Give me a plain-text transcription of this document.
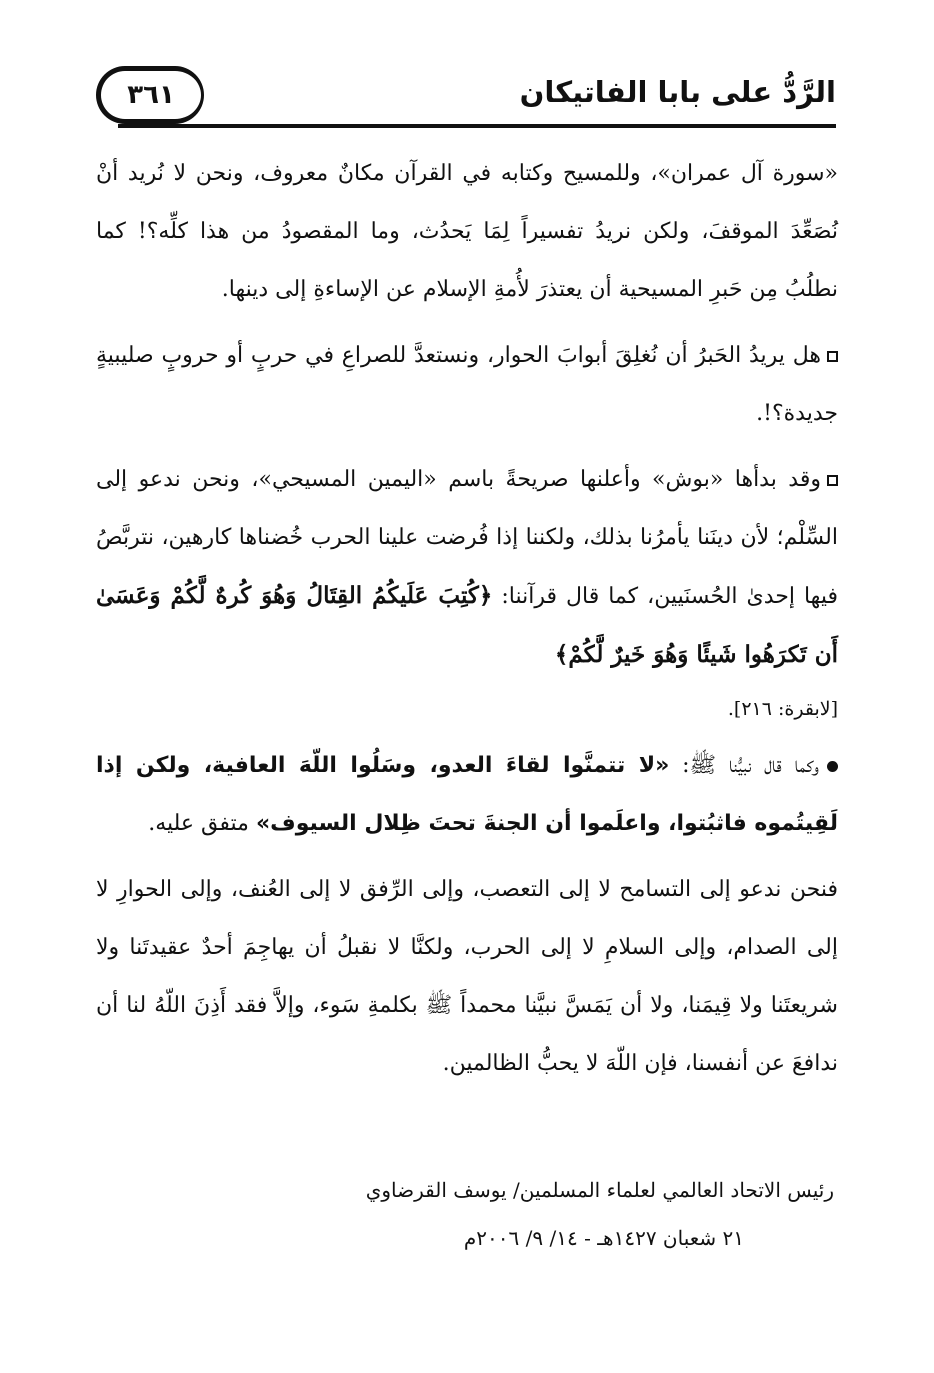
الرَّدُّ على بابا الفاتيكان
٣٦١

«سورة آل عمران»، وللمسيح وكتابه في القرآن مكانٌ معروف، ونحن لا نُريد أنْ نُصَعِّدَ الموقفَ، ولكن نريدُ تفسيراً لِمَا يَحدُث، وما المقصودُ من هذا كلِّه؟! كما نطلُبُ مِن حَبرِ المسيحية أن يعتذرَ لأُمةِ الإسلام عن الإساءةِ إلى دينها.

هل يريدُ الحَبرُ أن نُغلِقَ أبوابَ الحوار، ونستعدَّ للصراعِ في حربٍ أو حروبٍ صليبيةٍ جديدة؟!.

وقد بدأها «بوش» وأعلنها صريحةً باسم «اليمين المسيحي»، ونحن ندعو إلى السِّلْم؛ لأن دينَنا يأمرُنا بذلك، ولكننا إذا فُرضت علينا الحرب خُضناها كارهين، نتربَّصُ فيها إحدىٰ الحُسنَيين، كما قال قرآننا: ﴿كُتِبَ عَلَيكُمُ القِتَالُ وَهُوَ كُرهٌ لَّكُمْ وَعَسَىٰ أَن تَكرَهُوا شَيئًا وَهُوَ خَيرٌ لَّكُمْ﴾

[لابقرة: ٢١٦].

وكما قال نبيُّنا ﷺ: «لا تتمنَّوا لقاءَ العدو، وسَلُوا اللّهَ العافية، ولكن إذا لَقِيتُموه فاثبُتوا، واعلَموا أن الجنةَ تحتَ ظِلال السيوف» متفق عليه.

فنحن ندعو إلى التسامح لا إلى التعصب، وإلى الرِّفق لا إلى العُنف، وإلى الحوارِ لا إلى الصدام، وإلى السلامِ لا إلى الحرب، ولكنَّا لا نقبلُ أن يهاجِمَ أحدٌ عقيدتَنا ولا شريعتَنا ولا قِيمَنا، ولا أن يَمَسَّ نبيَّنا محمداً ﷺ بكلمةِ سَوء، وإلاَّ فقد أَذِنَ اللّهُ لنا أن ندافعَ عن أنفسنا، فإن اللّهَ لا يحبُّ الظالمين.

رئيس الاتحاد العالمي لعلماء المسلمين/ يوسف القرضاوي

٢١ شعبان ١٤٢٧هـ - ١٤/ ٩/ ٢٠٠٦م
